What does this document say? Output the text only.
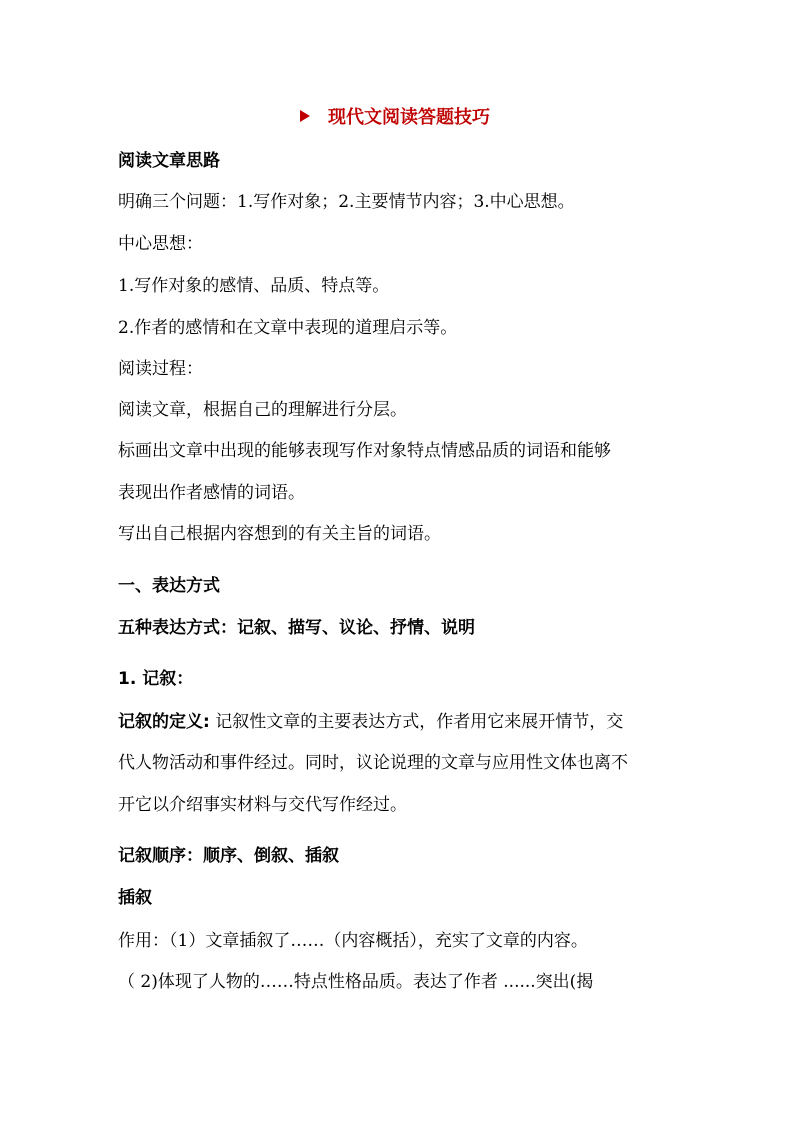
现代文阅读答题技巧
阅读文章思路
明确三个问题：1.写作对象；2.主要情节内容；3.中心思想。
中心思想：
1.写作对象的感情、品质、特点等。
2.作者的感情和在文章中表现的道理启示等。
阅读过程：
阅读文章，根据自己的理解进行分层。
标画出文章中出现的能够表现写作对象特点情感品质的词语和能够
表现出作者感情的词语。
写出自己根据内容想到的有关主旨的词语。
一、表达方式
五种表达方式：记叙、描写、议论、抒情、说明
1. 记叙：
记叙的定义: 记叙性文章的主要表达方式，作者用它来展开情节，交
代人物活动和事件经过。同时，议论说理的文章与应用性文体也离不
开它以介绍事实材料与交代写作经过。
记叙顺序：顺序、倒叙、插叙
插叙
作用：（1）文章插叙了……（内容概括），充实了文章的内容。
（ 2)体现了人物的……特点性格品质。表达了作者 ......突出(揭
